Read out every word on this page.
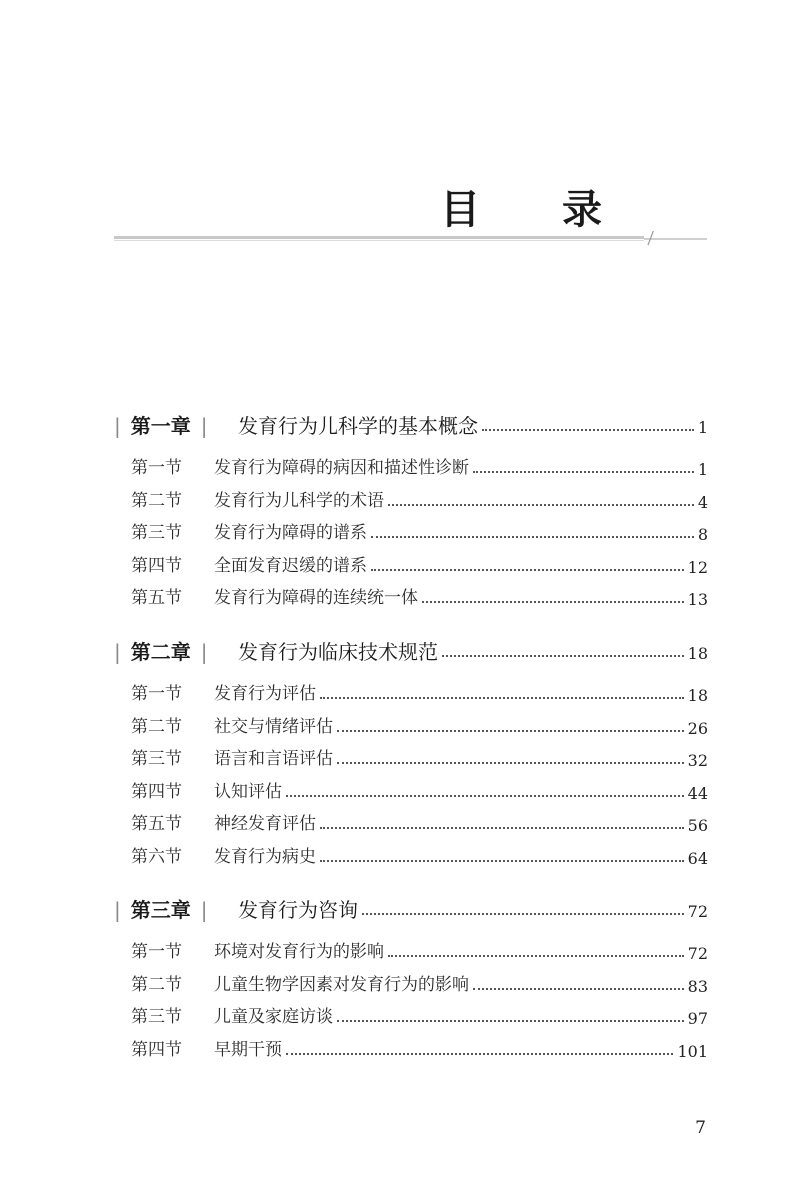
目 录
| 第一章 | 发育行为儿科学的基本概念	1
第一节 发育行为障碍的病因和描述性诊断	1
第二节 发育行为儿科学的术语	4
第三节 发育行为障碍的谱系	8
第四节 全面发育迟缓的谱系	12
第五节 发育行为障碍的连续统一体	13
| 第二章 | 发育行为临床技术规范	18
第一节 发育行为评估	18
第二节 社交与情绪评估	26
第三节 语言和言语评估	32
第四节 认知评估	44
第五节 神经发育评估	56
第六节 发育行为病史	64
| 第三章 | 发育行为咨询	72
第一节 环境对发育行为的影响	72
第二节 儿童生物学因素对发育行为的影响	83
第三节 儿童及家庭访谈	97
第四节 早期干预	101
7
